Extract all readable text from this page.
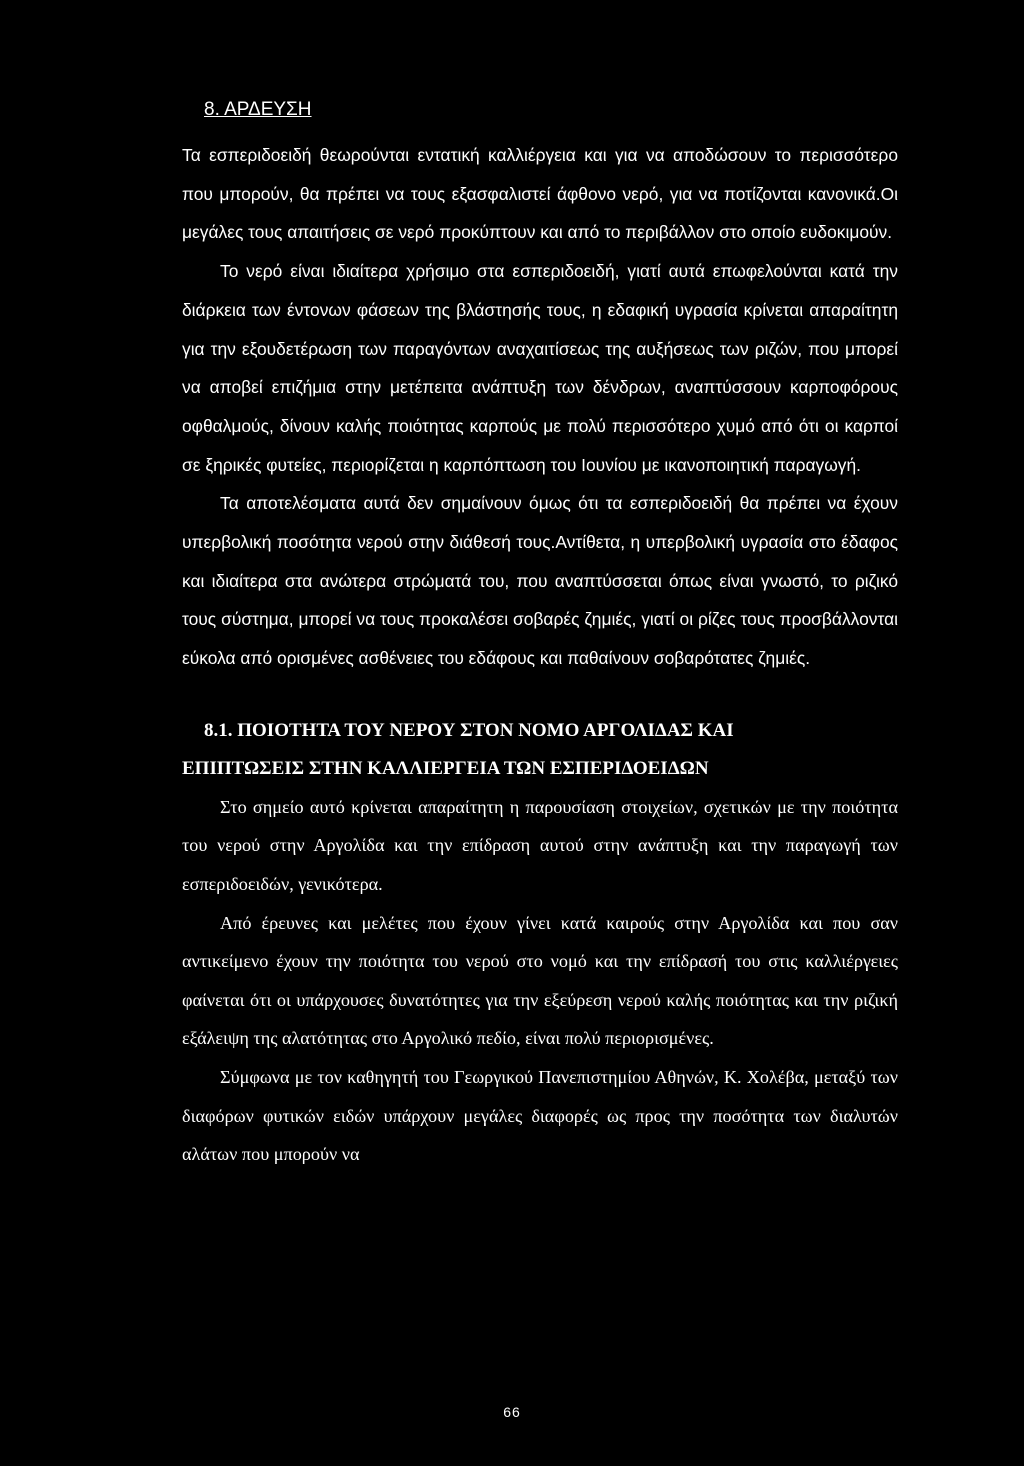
8. ΑΡΔΕΥΣΗ

Τα εσπεριδοειδή θεωρούνται εντατική καλλιέργεια και για να αποδώσουν το περισσότερο που μπορούν, θα πρέπει να τους εξασφαλιστεί άφθονο νερό, για να ποτίζονται κανονικά.Οι μεγάλες τους απαιτήσεις σε νερό προκύπτουν και από το περιβάλλον στο οποίο ευδοκιμούν.

Το νερό είναι ιδιαίτερα χρήσιμο στα εσπεριδοειδή, γιατί αυτά επωφελούνται κατά την διάρκεια των έντονων φάσεων της βλάστησής τους, η εδαφική υγρασία κρίνεται απαραίτητη για την εξουδετέρωση των παραγόντων αναχαιτίσεως της αυξήσεως των ριζών, που μπορεί να αποβεί επιζήμια στην μετέπειτα ανάπτυξη των δένδρων, αναπτύσσουν καρποφόρους οφθαλμούς, δίνουν καλής ποιότητας καρπούς με πολύ περισσότερο χυμό από ότι οι καρποί σε ξηρικές φυτείες, περιορίζεται η καρπόπτωση του Ιουνίου με ικανοποιητική παραγωγή.

Τα αποτελέσματα αυτά δεν σημαίνουν όμως ότι τα εσπεριδοειδή θα πρέπει να έχουν υπερβολική ποσότητα νερού στην διάθεσή τους.Αντίθετα, η υπερβολική υγρασία στο έδαφος και ιδιαίτερα στα ανώτερα στρώματά του, που αναπτύσσεται όπως είναι γνωστό, το ριζικό τους σύστημα, μπορεί να τους προκαλέσει σοβαρές ζημιές, γιατί οι ρίζες τους προσβάλλονται εύκολα από ορισμένες ασθένειες του εδάφους και παθαίνουν σοβαρότατες ζημιές.

8.1. ΠΟΙΟΤΗΤΑ ΤΟΥ ΝΕΡΟΥ ΣΤΟΝ ΝΟΜΟ ΑΡΓΟΛΙΔΑΣ ΚΑΙ
ΕΠΙΠΤΩΣΕΙΣ ΣΤΗΝ ΚΑΛΛΙΕΡΓΕΙΑ ΤΩΝ ΕΣΠΕΡΙΔΟΕΙΔΩΝ

Στο σημείο αυτό κρίνεται απαραίτητη η παρουσίαση στοιχείων, σχετικών με την ποιότητα του νερού στην Αργολίδα και την επίδραση αυτού στην ανάπτυξη και την παραγωγή των εσπεριδοειδών, γενικότερα.

Από έρευνες και μελέτες που έχουν γίνει κατά καιρούς στην Αργολίδα και που σαν αντικείμενο έχουν την ποιότητα του νερού στο νομό και την επίδρασή του στις καλλιέργειες φαίνεται ότι οι υπάρχουσες δυνατότητες για την εξεύρεση νερού καλής ποιότητας και την ριζική εξάλειψη της αλατότητας στο Αργολικό πεδίο, είναι πολύ περιορισμένες.

Σύμφωνα με τον καθηγητή του Γεωργικού Πανεπιστημίου Αθηνών, Κ. Χολέβα, μεταξύ των διαφόρων φυτικών ειδών υπάρχουν μεγάλες διαφορές ως προς την ποσότητα των διαλυτών αλάτων που μπορούν να

66
